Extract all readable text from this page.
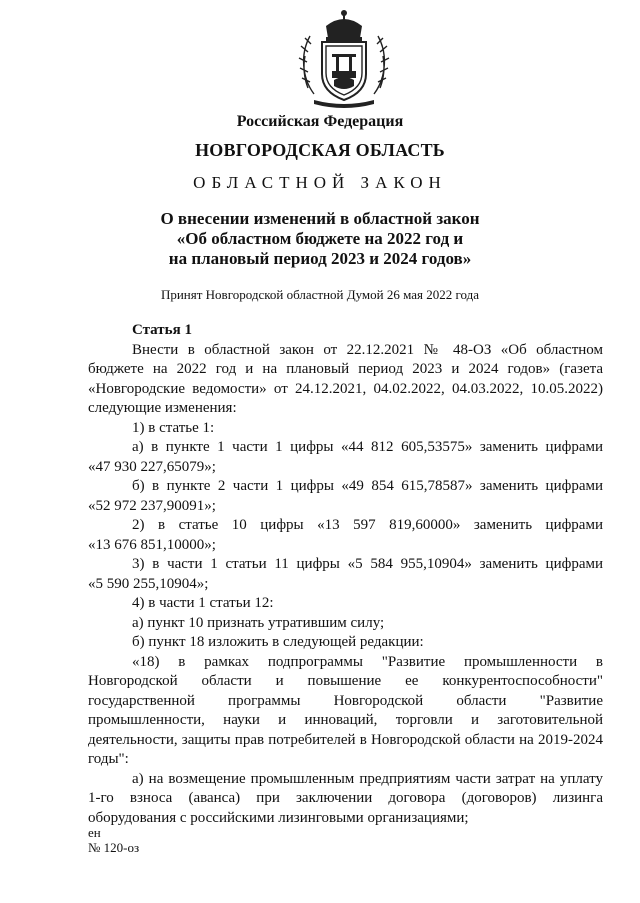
Российская Федерация
НОВГОРОДСКАЯ ОБЛАСТЬ
ОБЛАСТНОЙ ЗАКОН
О внесении изменений в областной закон
«Об областном бюджете на 2022 год и
на плановый период 2023 и 2024 годов»
Принят Новгородской областной Думой 26 мая 2022 года
Статья 1
Внести в областной закон от 22.12.2021 № 48-ОЗ «Об областном бюджете на 2022 год и на плановый период 2023 и 2024 годов» (газета «Новгородские ведомости» от 24.12.2021, 04.02.2022, 04.03.2022, 10.05.2022) следующие изменения:
1) в статье 1:
а) в пункте 1 части 1 цифры «44 812 605,53575» заменить цифрами
«47 930 227,65079»;
б) в пункте 2 части 1 цифры «49 854 615,78587» заменить цифрами
«52 972 237,90091»;
2) в статье 10 цифры «13 597 819,60000» заменить цифрами
«13 676 851,10000»;
3) в части 1 статьи 11 цифры «5 584 955,10904» заменить цифрами
«5 590 255,10904»;
4) в части 1 статьи 12:
а) пункт 10 признать утратившим силу;
б) пункт 18 изложить в следующей редакции:
«18) в рамках подпрограммы "Развитие промышленности в Новгородской области и повышение ее конкурентоспособности" государственной программы Новгородской области "Развитие промышленности, науки и инноваций, торговли и заготовительной деятельности, защиты прав потребителей в Новгородской области на 2019-2024 годы":
а) на возмещение промышленным предприятиям части затрат на уплату 1-го взноса (аванса) при заключении договора (договоров) лизинга оборудования с российскими лизинговыми организациями;
ен
№ 120-оз
